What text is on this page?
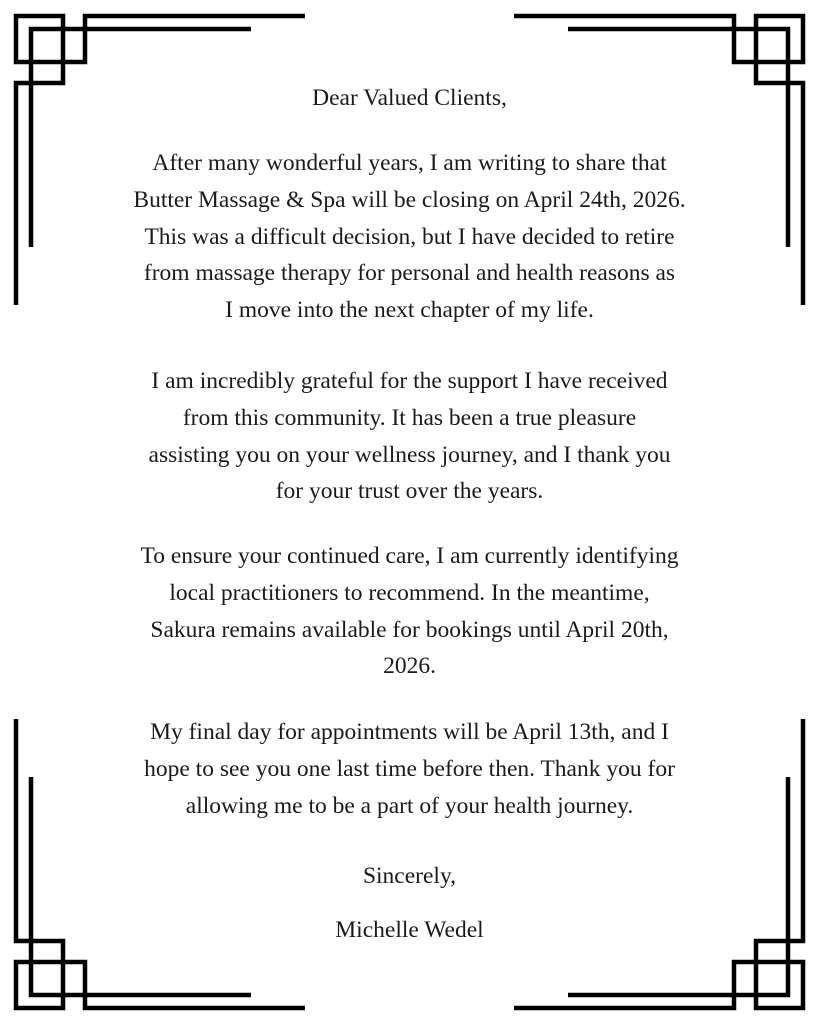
Dear Valued Clients,
After many wonderful years, I am writing to share that
Butter Massage & Spa will be closing on April 24th, 2026.
This was a difficult decision, but I have decided to retire
from massage therapy for personal and health reasons as
I move into the next chapter of my life.
I am incredibly grateful for the support I have received
from this community. It has been a true pleasure
assisting you on your wellness journey, and I thank you
for your trust over the years.
To ensure your continued care, I am currently identifying
local practitioners to recommend. In the meantime,
Sakura remains available for bookings until April 20th,
2026.
My final day for appointments will be April 13th, and I
hope to see you one last time before then. Thank you for
allowing me to be a part of your health journey.
Sincerely,
Michelle Wedel
